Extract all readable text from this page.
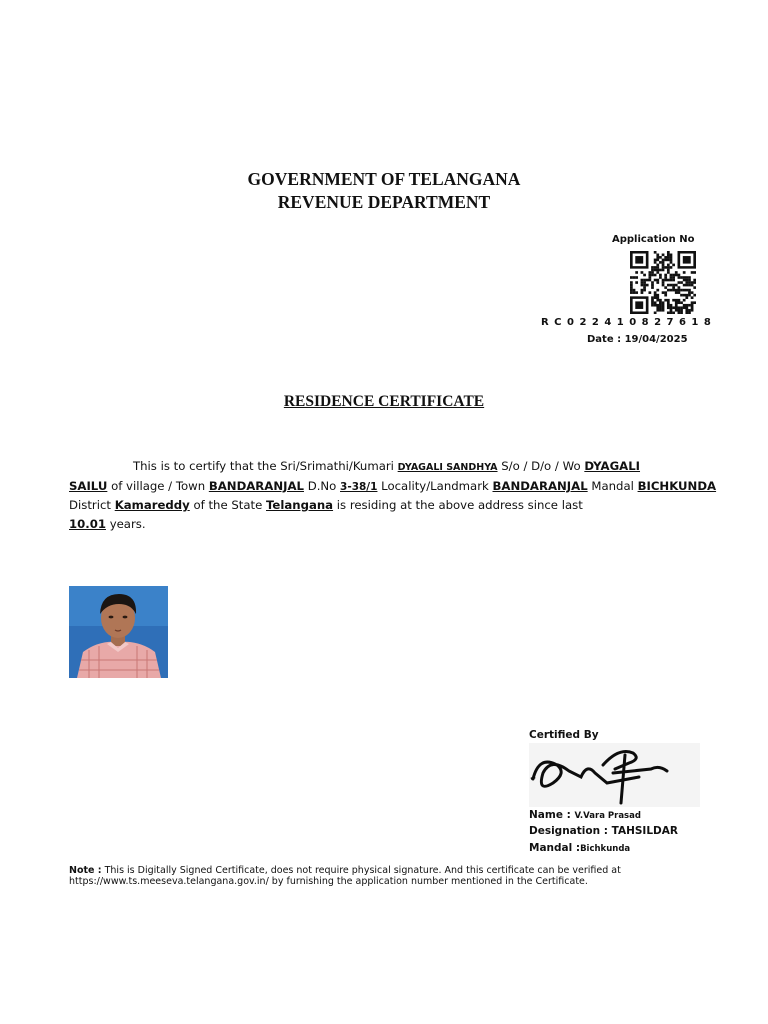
GOVERNMENT OF TELANGANA
REVENUE DEPARTMENT
Application No
R C 0 2 2 4 1 0 8 2 7 6 1 8
Date : 19/04/2025
RESIDENCE CERTIFICATE
This is to certify that the Sri/Srimathi/Kumari DYAGALI SANDHYA S/o / D/o / Wo DYAGALI
SAILU of village / Town BANDARANJAL D.No 3-38/1 Locality/Landmark BANDARANJAL Mandal BICHKUNDA
District Kamareddy of the State Telangana is residing at the above address since last
10.01 years.
Certified By
Name : V.Vara Prasad
Designation : TAHSILDAR
Mandal :Bichkunda
Note : This is Digitally Signed Certificate, does not require physical signature. And this certificate can be verified at
https://www.ts.meeseva.telangana.gov.in/ by furnishing the application number mentioned in the Certificate.
